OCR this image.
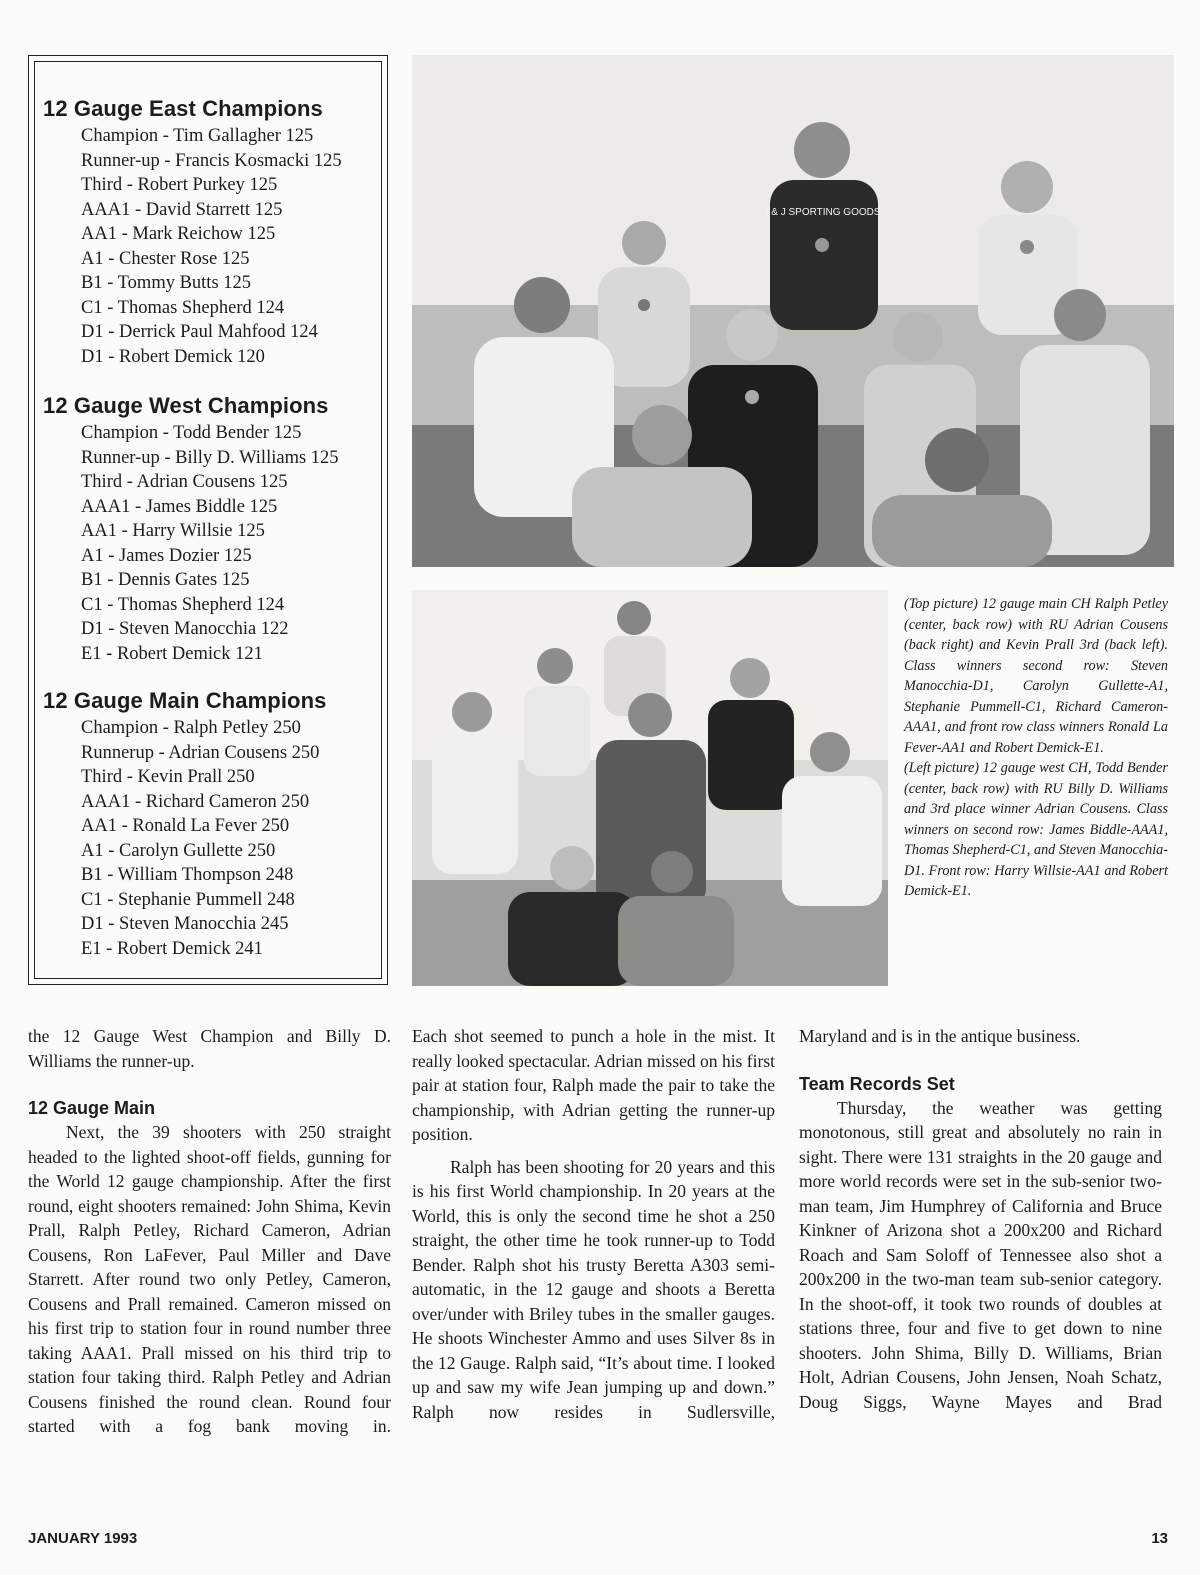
12 Gauge East Champions
Champion - Tim Gallagher 125
Runner-up - Francis Kosmacki 125
Third - Robert Purkey 125
AAA1 - David Starrett 125
AA1 - Mark Reichow 125
A1 - Chester Rose 125
B1 - Tommy Butts 125
C1 - Thomas Shepherd 124
D1 - Derrick Paul Mahfood 124
D1 - Robert Demick 120
12 Gauge West Champions
Champion - Todd Bender 125
Runner-up - Billy D. Williams 125
Third - Adrian Cousens 125
AAA1 - James Biddle 125
AA1 - Harry Willsie 125
A1 - James Dozier 125
B1 - Dennis Gates 125
C1 - Thomas Shepherd 124
D1 - Steven Manocchia 122
E1 - Robert Demick 121
12 Gauge Main Champions
Champion - Ralph Petley 250
Runnerup - Adrian Cousens 250
Third - Kevin Prall 250
AAA1 - Richard Cameron 250
AA1 - Ronald La Fever 250
A1 - Carolyn Gullette 250
B1 - William Thompson 248
C1 - Stephanie Pummell 248
D1 - Steven Manocchia 245
E1 - Robert Demick 241
J & J SPORTING GOODS

(Top picture) 12 gauge main CH Ralph Petley (center, back row) with RU Adrian Cousens (back right) and Kevin Prall 3rd (back left). Class winners second row: Steven Manocchia-D1, Carolyn Gullette-A1, Stephanie Pummell-C1, Richard Cameron-AAA1, and front row class winners Ronald La Fever-AA1 and Robert Demick-E1.

(Left picture) 12 gauge west CH, Todd Bender (center, back row) with RU Billy D. Williams and 3rd place winner Adrian Cousens. Class winners on second row: James Biddle-AAA1, Thomas Shepherd-C1, and Steven Manocchia-D1. Front row: Harry Willsie-AA1 and Robert Demick-E1.

the 12 Gauge West Champion and Billy D. Williams the runner-up.

12 Gauge Main

Next, the 39 shooters with 250 straight headed to the lighted shoot-off fields, gunning for the World 12 gauge championship. After the first round, eight shooters remained: John Shima, Kevin Prall, Ralph Petley, Richard Cameron, Adrian Cousens, Ron LaFever, Paul Miller and Dave Starrett. After round two only Petley, Cameron, Cousens and Prall remained. Cameron missed on his first trip to station four in round number three taking AAA1. Prall missed on his third trip to station four taking third. Ralph Petley and Adrian Cousens finished the round clean. Round four started with a fog bank moving in.

Each shot seemed to punch a hole in the mist. It really looked spectacular. Adrian missed on his first pair at station four, Ralph made the pair to take the championship, with Adrian getting the runner-up position.

Ralph has been shooting for 20 years and this is his first World championship. In 20 years at the World, this is only the second time he shot a 250 straight, the other time he took runner-up to Todd Bender. Ralph shot his trusty Beretta A303 semi-automatic, in the 12 gauge and shoots a Beretta over/under with Briley tubes in the smaller gauges. He shoots Winchester Ammo and uses Silver 8s in the 12 Gauge. Ralph said, “It’s about time. I looked up and saw my wife Jean jumping up and down.” Ralph now resides in Sudlersville,

Maryland and is in the antique business.

Team Records Set

Thursday, the weather was getting monotonous, still great and absolutely no rain in sight. There were 131 straights in the 20 gauge and more world records were set in the sub-senior two-man team, Jim Humphrey of California and Bruce Kinkner of Arizona shot a 200x200 and Richard Roach and Sam Soloff of Tennessee also shot a 200x200 in the two-man team sub-senior category. In the shoot-off, it took two rounds of doubles at stations three, four and five to get down to nine shooters. John Shima, Billy D. Williams, Brian Holt, Adrian Cousens, John Jensen, Noah Schatz, Doug Siggs, Wayne Mayes and Brad

JANUARY 1993	13
